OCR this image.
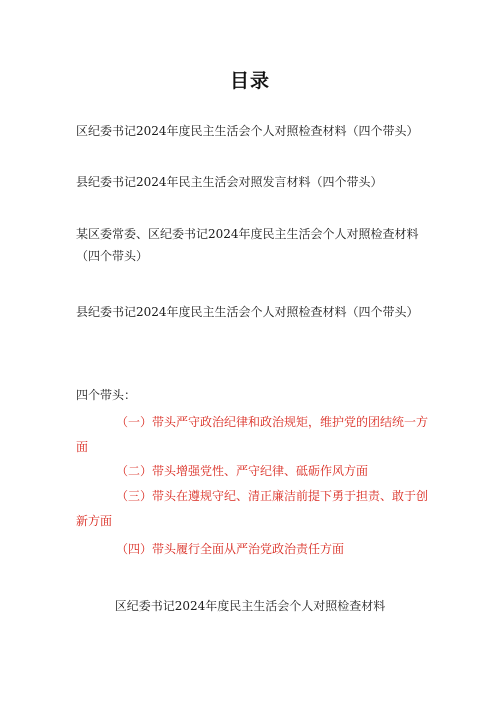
目录
区纪委书记2024年度民主生活会个人对照检查材料（四个带头）
县纪委书记2024年民主生活会对照发言材料（四个带头）
某区委常委、区纪委书记2024年度民主生活会个人对照检查材料（四个带头）
县纪委书记2024年度民主生活会个人对照检查材料（四个带头）
四个带头：
（一）带头严守政治纪律和政治规矩，维护党的团结统一方面
（二）带头增强党性、严守纪律、砥砺作风方面
（三）带头在遵规守纪、清正廉洁前提下勇于担责、敢于创新方面
（四）带头履行全面从严治党政治责任方面
区纪委书记2024年度民主生活会个人对照检查材料
